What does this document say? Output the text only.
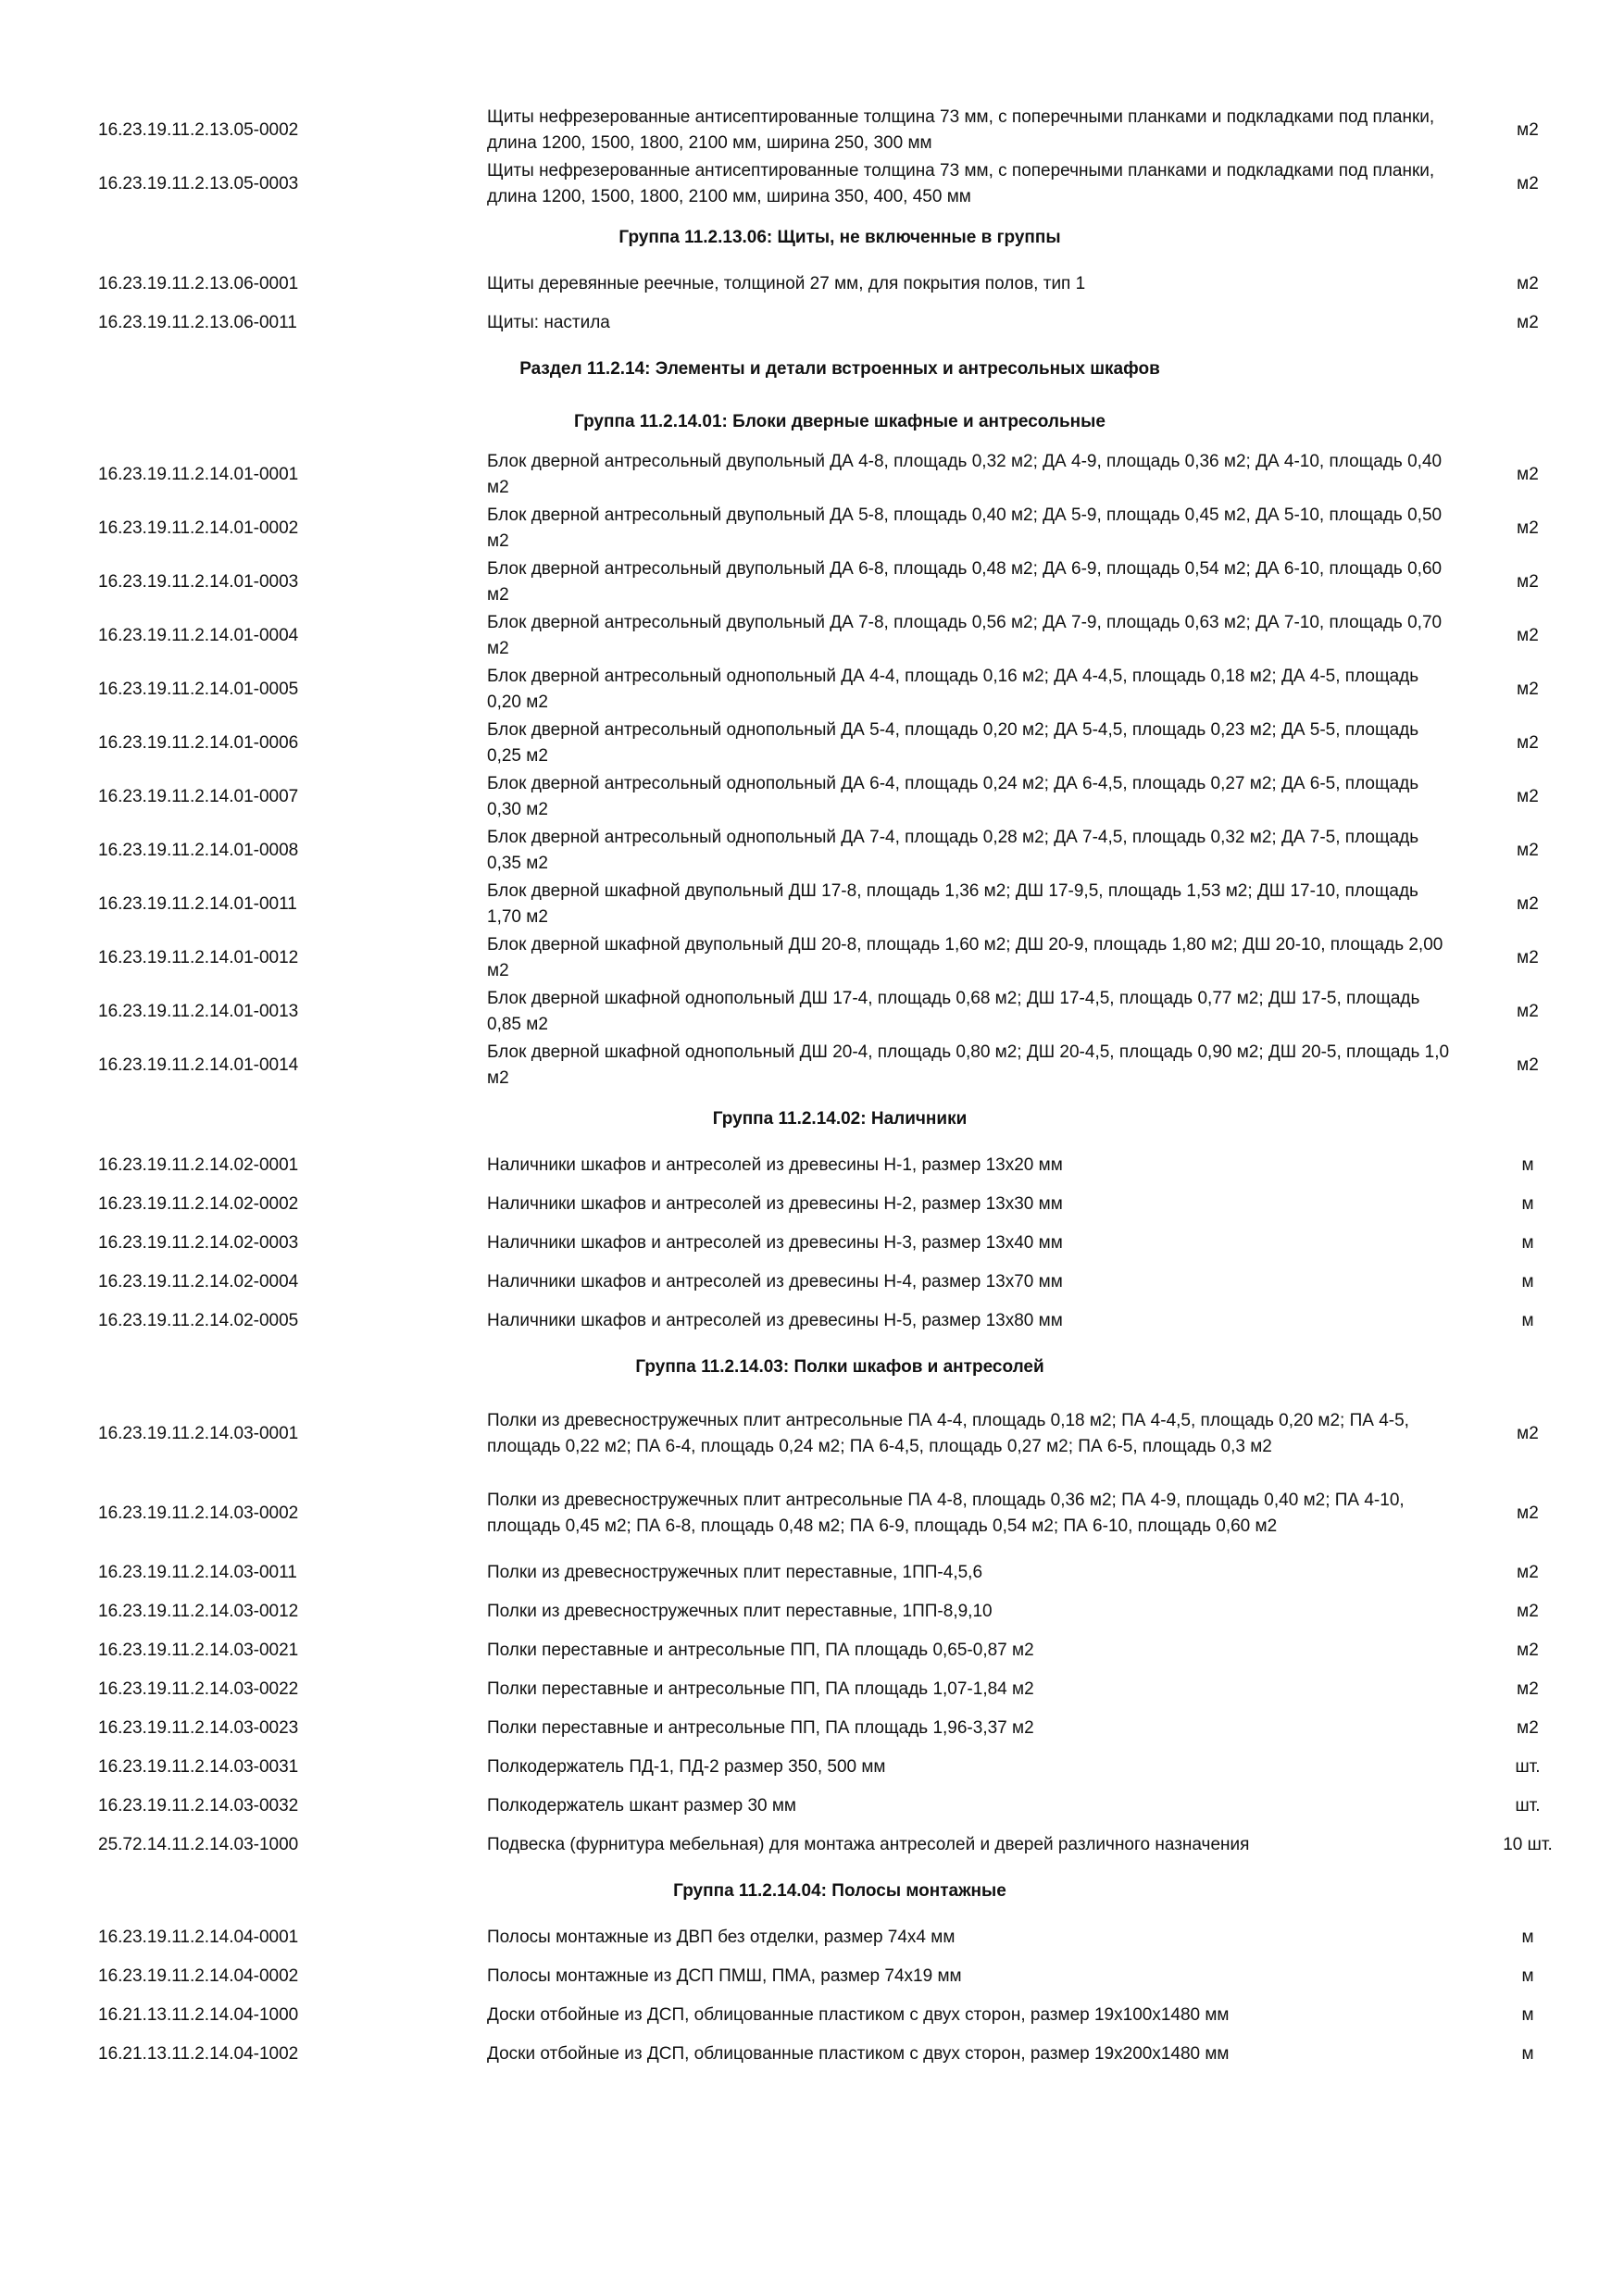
16.23.19.11.2.13.05-0002
Щиты нефрезерованные антисептированные толщина 73 мм, с поперечными планками и подкладками под планки, длина 1200, 1500, 1800, 2100 мм, ширина 250, 300 мм
м2
16.23.19.11.2.13.05-0003
Щиты нефрезерованные антисептированные толщина 73 мм, с поперечными планками и подкладками под планки, длина 1200, 1500, 1800, 2100 мм, ширина 350, 400, 450 мм
м2
Группа 11.2.13.06: Щиты, не включенные в группы
16.23.19.11.2.13.06-0001	Щиты деревянные реечные, толщиной 27 мм, для покрытия полов, тип 1	м2
16.23.19.11.2.13.06-0011	Щиты: настила	м2
Раздел 11.2.14: Элементы и детали встроенных и антресольных шкафов
Группа 11.2.14.01: Блоки дверные шкафные и антресольные
16.23.19.11.2.14.01-0001
Блок дверной антресольный двупольный ДА 4-8, площадь 0,32 м2; ДА 4-9, площадь 0,36 м2; ДА 4-10, площадь 0,40 м2
м2
16.23.19.11.2.14.01-0002
Блок дверной антресольный двупольный ДА 5-8, площадь 0,40 м2; ДА 5-9, площадь 0,45 м2, ДА 5-10, площадь 0,50 м2
м2
16.23.19.11.2.14.01-0003
Блок дверной антресольный двупольный ДА 6-8, площадь 0,48 м2; ДА 6-9, площадь 0,54 м2; ДА 6-10, площадь 0,60 м2
м2
16.23.19.11.2.14.01-0004
Блок дверной антресольный двупольный ДА 7-8, площадь 0,56 м2; ДА 7-9, площадь 0,63 м2; ДА 7-10, площадь 0,70 м2
м2
16.23.19.11.2.14.01-0005
Блок дверной антресольный однопольный ДА 4-4, площадь 0,16 м2; ДА 4-4,5, площадь 0,18 м2; ДА 4-5, площадь 0,20 м2
м2
16.23.19.11.2.14.01-0006
Блок дверной антресольный однопольный ДА 5-4, площадь 0,20 м2; ДА 5-4,5, площадь 0,23 м2; ДА 5-5, площадь 0,25 м2
м2
16.23.19.11.2.14.01-0007
Блок дверной антресольный однопольный ДА 6-4, площадь 0,24 м2; ДА 6-4,5, площадь 0,27 м2; ДА 6-5, площадь 0,30 м2
м2
16.23.19.11.2.14.01-0008
Блок дверной антресольный однопольный ДА 7-4, площадь 0,28 м2; ДА 7-4,5, площадь 0,32 м2; ДА 7-5, площадь 0,35 м2
м2
16.23.19.11.2.14.01-0011
Блок дверной шкафной двупольный ДШ 17-8, площадь 1,36 м2; ДШ 17-9,5, площадь 1,53 м2; ДШ 17-10, площадь 1,70 м2
м2
16.23.19.11.2.14.01-0012
Блок дверной шкафной двупольный ДШ 20-8, площадь 1,60 м2; ДШ 20-9, площадь 1,80 м2; ДШ 20-10, площадь 2,00 м2
м2
16.23.19.11.2.14.01-0013
Блок дверной шкафной однопольный ДШ 17-4, площадь 0,68 м2; ДШ 17-4,5, площадь 0,77 м2; ДШ 17-5, площадь 0,85 м2
м2
16.23.19.11.2.14.01-0014
Блок дверной шкафной однопольный ДШ 20-4, площадь 0,80 м2; ДШ 20-4,5, площадь 0,90 м2; ДШ 20-5, площадь 1,0 м2
м2
Группа 11.2.14.02: Наличники
16.23.19.11.2.14.02-0001	Наличники шкафов и антресолей из древесины Н-1, размер 13х20 мм	м
16.23.19.11.2.14.02-0002	Наличники шкафов и антресолей из древесины Н-2, размер 13х30 мм	м
16.23.19.11.2.14.02-0003	Наличники шкафов и антресолей из древесины Н-3, размер 13х40 мм	м
16.23.19.11.2.14.02-0004	Наличники шкафов и антресолей из древесины Н-4, размер 13х70 мм	м
16.23.19.11.2.14.02-0005	Наличники шкафов и антресолей из древесины Н-5, размер 13х80 мм	м
Группа 11.2.14.03: Полки шкафов и антресолей
16.23.19.11.2.14.03-0001
Полки из древесностружечных плит антресольные ПА 4-4, площадь 0,18 м2; ПА 4-4,5, площадь 0,20 м2; ПА 4-5, площадь 0,22 м2; ПА 6-4, площадь 0,24 м2; ПА 6-4,5, площадь 0,27 м2; ПА 6-5, площадь 0,3 м2
м2
16.23.19.11.2.14.03-0002
Полки из древесностружечных плит антресольные ПА 4-8, площадь 0,36 м2; ПА 4-9, площадь 0,40 м2; ПА 4-10, площадь 0,45 м2; ПА 6-8, площадь 0,48 м2; ПА 6-9, площадь 0,54 м2; ПА 6-10, площадь 0,60 м2
м2
16.23.19.11.2.14.03-0011	Полки из древесностружечных плит переставные, 1ПП-4,5,6	м2
16.23.19.11.2.14.03-0012	Полки из древесностружечных плит переставные, 1ПП-8,9,10	м2
16.23.19.11.2.14.03-0021	Полки переставные и антресольные ПП, ПА площадь 0,65-0,87 м2	м2
16.23.19.11.2.14.03-0022	Полки переставные и антресольные ПП, ПА площадь 1,07-1,84 м2	м2
16.23.19.11.2.14.03-0023	Полки переставные и антресольные ПП, ПА площадь 1,96-3,37 м2	м2
16.23.19.11.2.14.03-0031	Полкодержатель ПД-1, ПД-2 размер 350, 500 мм	шт.
16.23.19.11.2.14.03-0032	Полкодержатель шкант размер 30 мм	шт.
25.72.14.11.2.14.03-1000	Подвеска (фурнитура мебельная) для монтажа антресолей и дверей различного назначения	10 шт.
Группа 11.2.14.04: Полосы монтажные
16.23.19.11.2.14.04-0001	Полосы монтажные из ДВП без отделки, размер 74х4 мм	м
16.23.19.11.2.14.04-0002	Полосы монтажные из ДСП ПМШ, ПМА, размер 74х19 мм	м
16.21.13.11.2.14.04-1000	Доски отбойные из ДСП, облицованные пластиком с двух сторон, размер 19х100х1480 мм	м
16.21.13.11.2.14.04-1002	Доски отбойные из ДСП, облицованные пластиком с двух сторон, размер 19х200х1480 мм	м
